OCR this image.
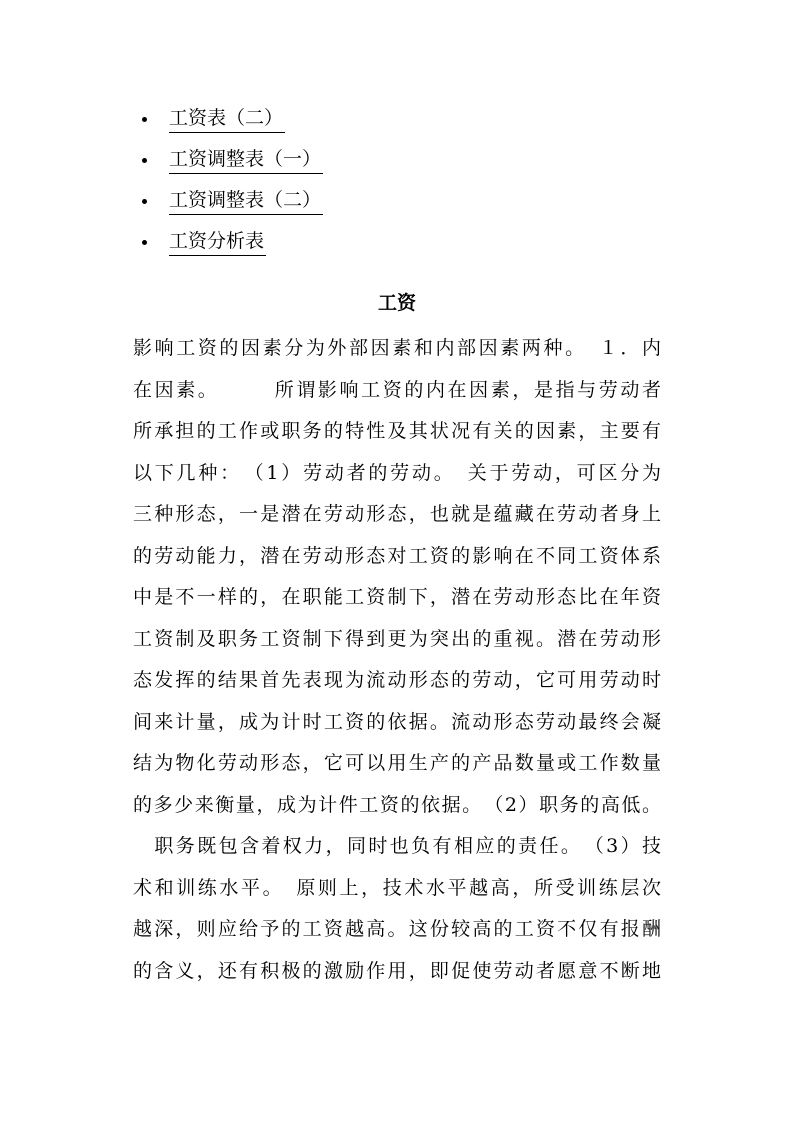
工资表（二）
工资调整表（一）
工资调整表（二）
工资分析表
工资
影响工资的因素分为外部因素和内部因素两种。　１．内
在因素。　　　所谓影响工资的内在因素，是指与劳动者
所承担的工作或职务的特性及其状况有关的因素，主要有
以下几种：　（1）劳动者的劳动。　关于劳动，可区分为
三种形态，一是潜在劳动形态，也就是蕴藏在劳动者身上
的劳动能力，潜在劳动形态对工资的影响在不同工资体系
中是不一样的，在职能工资制下，潜在劳动形态比在年资
工资制及职务工资制下得到更为突出的重视。潜在劳动形
态发挥的结果首先表现为流动形态的劳动，它可用劳动时
间来计量，成为计时工资的依据。流动形态劳动最终会凝
结为物化劳动形态，它可以用生产的产品数量或工作数量
的多少来衡量，成为计件工资的依据。　（2）职务的高低。
　职务既包含着权力，同时也负有相应的责任。　（3）技
术和训练水平。　原则上，技术水平越高，所受训练层次
越深，则应给予的工资越高。这份较高的工资不仅有报酬
的含义，还有积极的激励作用，即促使劳动者愿意不断地
